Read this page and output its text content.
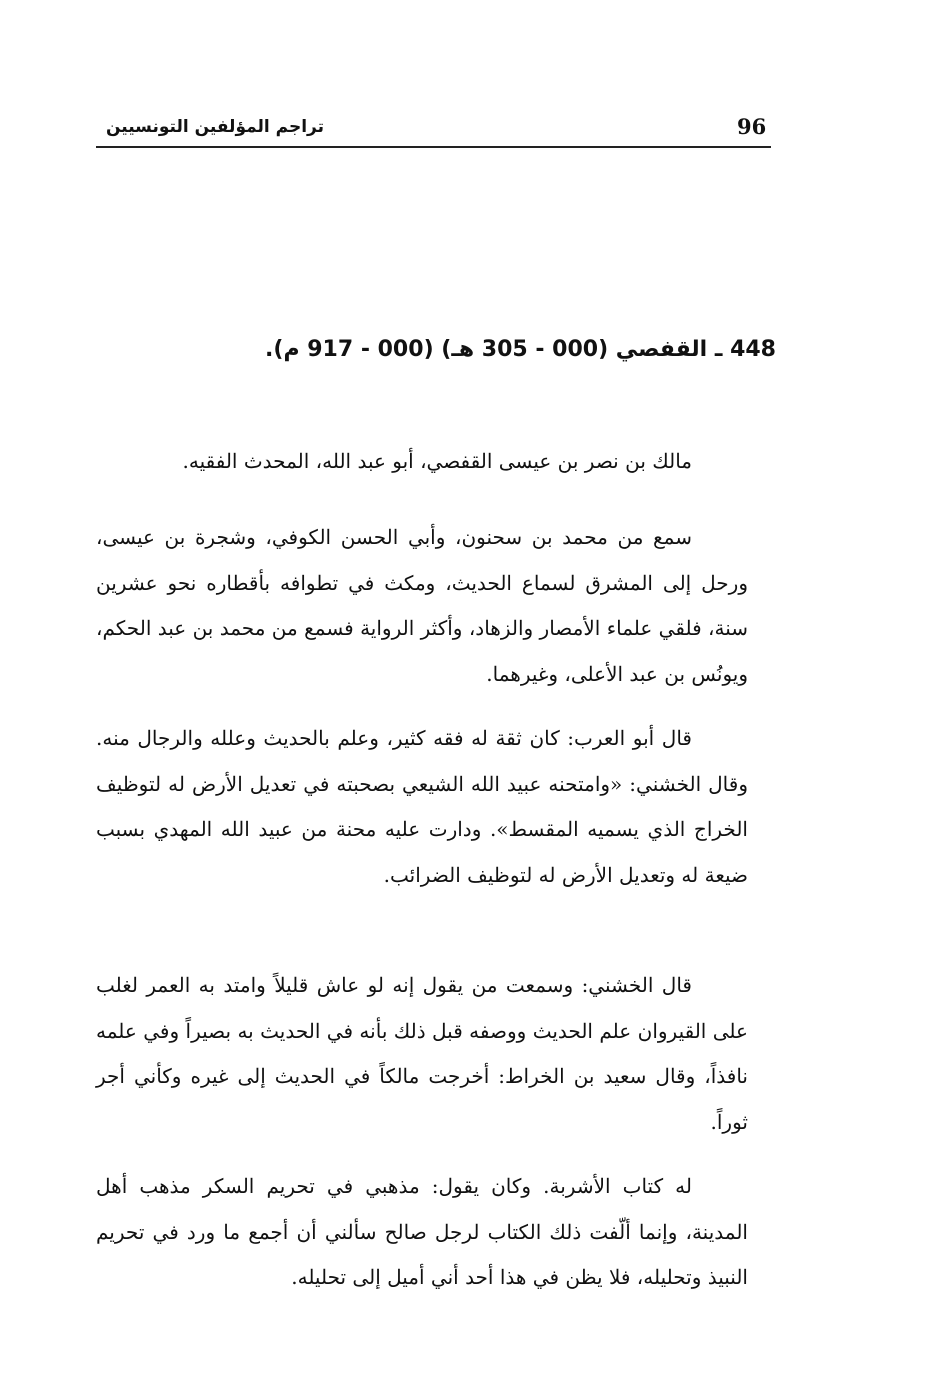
96
تراجم المؤلفين التونسيين
448 ـ القفصي (000 - 305 هـ) (000 - 917 م).

مالك بن نصر بن عيسى القفصي، أبو عبد الله، المحدث الفقيه.

سمع من محمد بن سحنون، وأبي الحسن الكوفي، وشجرة بن عيسى، ورحل إلى المشرق لسماع الحديث، ومكث في تطوافه بأقطاره نحو عشرين سنة، فلقي علماء الأمصار والزهاد، وأكثر الرواية فسمع من محمد بن عبد الحكم، ويونُس بن عبد الأعلى، وغيرهما.

قال أبو العرب: كان ثقة له فقه كثير، وعلم بالحديث وعلله والرجال منه. وقال الخشني: «وامتحنه عبيد الله الشيعي بصحبته في تعديل الأرض له لتوظيف الخراج الذي يسميه المقسط». ودارت عليه محنة من عبيد الله المهدي بسبب ضيعة له وتعديل الأرض له لتوظيف الضرائب.

قال الخشني: وسمعت من يقول إنه لو عاش قليلاً وامتد به العمر لغلب على القيروان علم الحديث ووصفه قبل ذلك بأنه في الحديث به بصيراً وفي علمه نافذاً، وقال سعيد بن الخراط: أخرجت مالكاً في الحديث إلى غيره وكأني أجر ثوراً.

له كتاب الأشربة. وكان يقول: مذهبي في تحريم السكر مذهب أهل المدينة، وإنما ألّفت ذلك الكتاب لرجل صالح سألني أن أجمع ما ورد في تحريم النبيذ وتحليله، فلا يظن في هذا أحد أني أميل إلى تحليله.
